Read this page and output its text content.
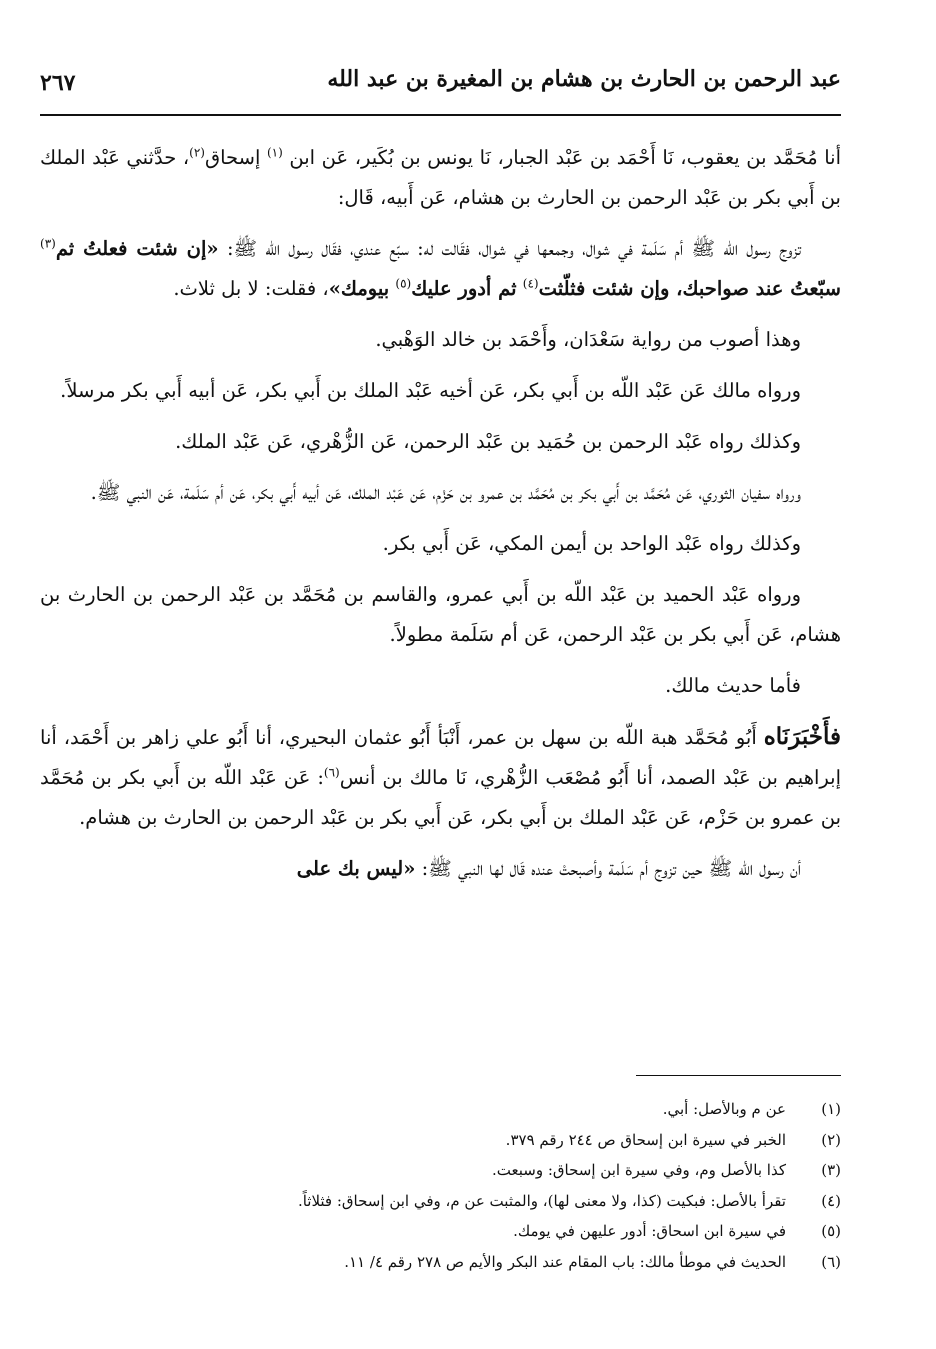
عبد الرحمن بن الحارث بن هشام بن المغيرة بن عبد الله
٢٦٧

أنا مُحَمَّد بن يعقوب، نَا أَحْمَد بن عَبْد الجبار، نَا يونس بن بُكَير، عَن ابن $^{(١)}$ إسحاق$^{(٢)}$، حدَّثني عَبْد الملك بن أَبي بكر بن عَبْد الرحمن بن الحارث بن هشام، عَن أَبيه، قَال:

تزوج رسول الله ﷺ أم سَلَمة في شوال، وجمعها في شوال، فقَالت له: سبّع عندي، فقَال رسول الله ﷺ: «إن شئت فعلتُ ثم$^{(٣)}$ سبّعتُ عند صواحبك، وإن شئت فثلّثت$^{(٤)}$ ثم أدور عليك$^{(٥)}$ بيومك»، فقلت: لا بل ثلاث.

وهذا أصوب من رواية سَعْدَان، وأَحْمَد بن خالد الوَهْبي.

ورواه مالك عَن عَبْد اللّه بن أَبي بكر، عَن أخيه عَبْد الملك بن أَبي بكر، عَن أبيه أَبي بكر مرسلاً.

وكذلك رواه عَبْد الرحمن بن حُمَيد بن عَبْد الرحمن، عَن الزُّهْري، عَن عَبْد الملك.

ورواه سفيان الثوري، عَن مُحَمَّد بن أَبي بكر بن مُحَمَّد بن عمرو بن حَزْم، عَن عَبْد الملك، عَن أبيه أَبي بكر، عَن أم سَلَمة، عَن النبي ﷺ.

وكذلك رواه عَبْد الواحد بن أيمن المكي، عَن أَبي بكر.

ورواه عَبْد الحميد بن عَبْد اللّه بن أَبي عمرو، والقاسم بن مُحَمَّد بن عَبْد الرحمن بن الحارث بن هشام، عَن أَبي بكر بن عَبْد الرحمن، عَن أم سَلَمة مطولاً.

فأما حديث مالك.

فأَخْبَرَنَاه أَبُو مُحَمَّد هبة اللّه بن سهل بن عمر، أَنْبَأ أَبُو عثمان البحيري، أنا أَبُو علي زاهر بن أَحْمَد، أنا إبراهيم بن عَبْد الصمد، أنا أَبُو مُصْعَب الزُّهْري، نَا مالك بن أنس$^{(٦)}$: عَن عَبْد اللّه بن أَبي بكر بن مُحَمَّد بن عمرو بن حَزْم، عَن عَبْد الملك بن أَبي بكر، عَن أَبي بكر بن عَبْد الرحمن بن الحارث بن هشام.

أن رسول الله ﷺ حين تزوج أم سَلَمة وأصبحتْ عنده قَال لها النبي ﷺ: «ليس بك على

(١)
عن م وبالأصل: أبي.
(٢)
الخبر في سيرة ابن إسحاق ص ٢٤٤ رقم ٣٧٩.
(٣)
كذا بالأصل وم، وفي سيرة ابن إسحاق: وسبعت.
(٤)
تقرأ بالأصل: فبكيت (كذا، ولا معنى لها)، والمثبت عن م، وفي ابن إسحاق: فثلاثاً.
(٥)
في سيرة ابن اسحاق: أدور عليهن في يومك.
(٦)
الحديث في موطأ مالك: باب المقام عند البكر والأيم ص ٢٧٨ رقم ٤/ ١١.
